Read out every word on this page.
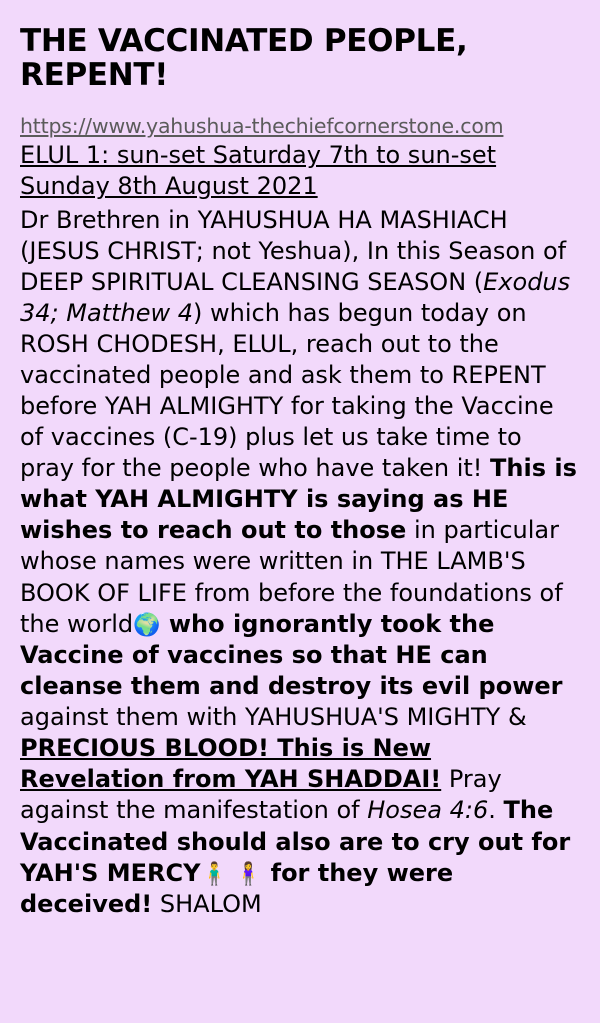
THE VACCINATED PEOPLE, REPENT!
https://www.yahushua-thechiefcornerstone.com
ELUL 1: sun-set Saturday 7th to sun-set Sunday 8th August 2021

Dr Brethren in YAHUSHUA HA MASHIACH (JESUS CHRIST; not Yeshua), In this Season of DEEP SPIRITUAL CLEANSING SEASON (Exodus 34; Matthew 4) which has begun today on ROSH CHODESH, ELUL, reach out to the vaccinated people and ask them to REPENT before YAH ALMIGHTY for taking the Vaccine of vaccines (C-19) plus let us take time to pray for the people who have taken it! This is what YAH ALMIGHTY is saying as HE wishes to reach out to those in particular whose names were written in THE LAMB'S BOOK OF LIFE from before the foundations of the world🌍 who ignorantly took the Vaccine of vaccines so that HE can cleanse them and destroy its evil power against them with YAHUSHUA'S MIGHTY & PRECIOUS BLOOD! This is New Revelation from YAH SHADDAI! Pray against the manifestation of Hosea 4:6. The Vaccinated should also are to cry out for YAH'S MERCY🧍‍♂️ 🧍‍♀️ for they were deceived! SHALOM
